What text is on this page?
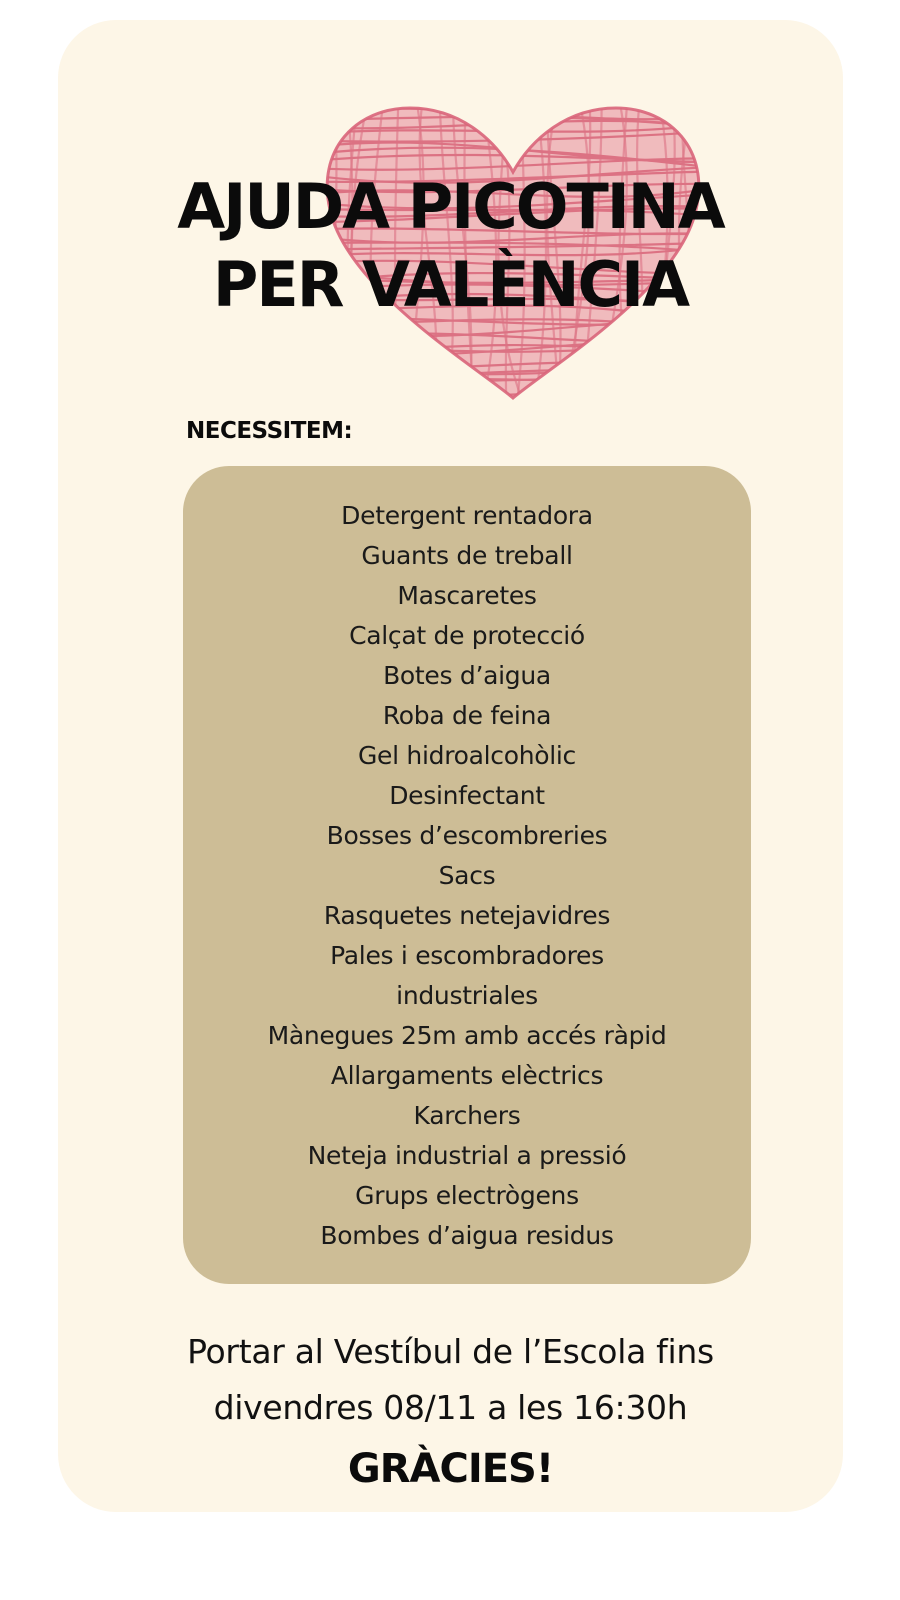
AJUDA PICOTINA
PER VALÈNCIA
NECESSITEM:
Detergent rentadora
Guants de treball
Mascaretes
Calçat de protecció
Botes d’aigua
Roba de feina
Gel hidroalcohòlic
Desinfectant
Bosses d’escombreries
Sacs
Rasquetes netejavidres
Pales i escombradores
industriales
Mànegues 25m amb accés ràpid
Allargaments elèctrics
Karchers
Neteja industrial a pressió
Grups electrògens
Bombes d’aigua residus
Portar al Vestíbul de l’Escola fins
divendres 08/11 a les 16:30h
GRÀCIES!
